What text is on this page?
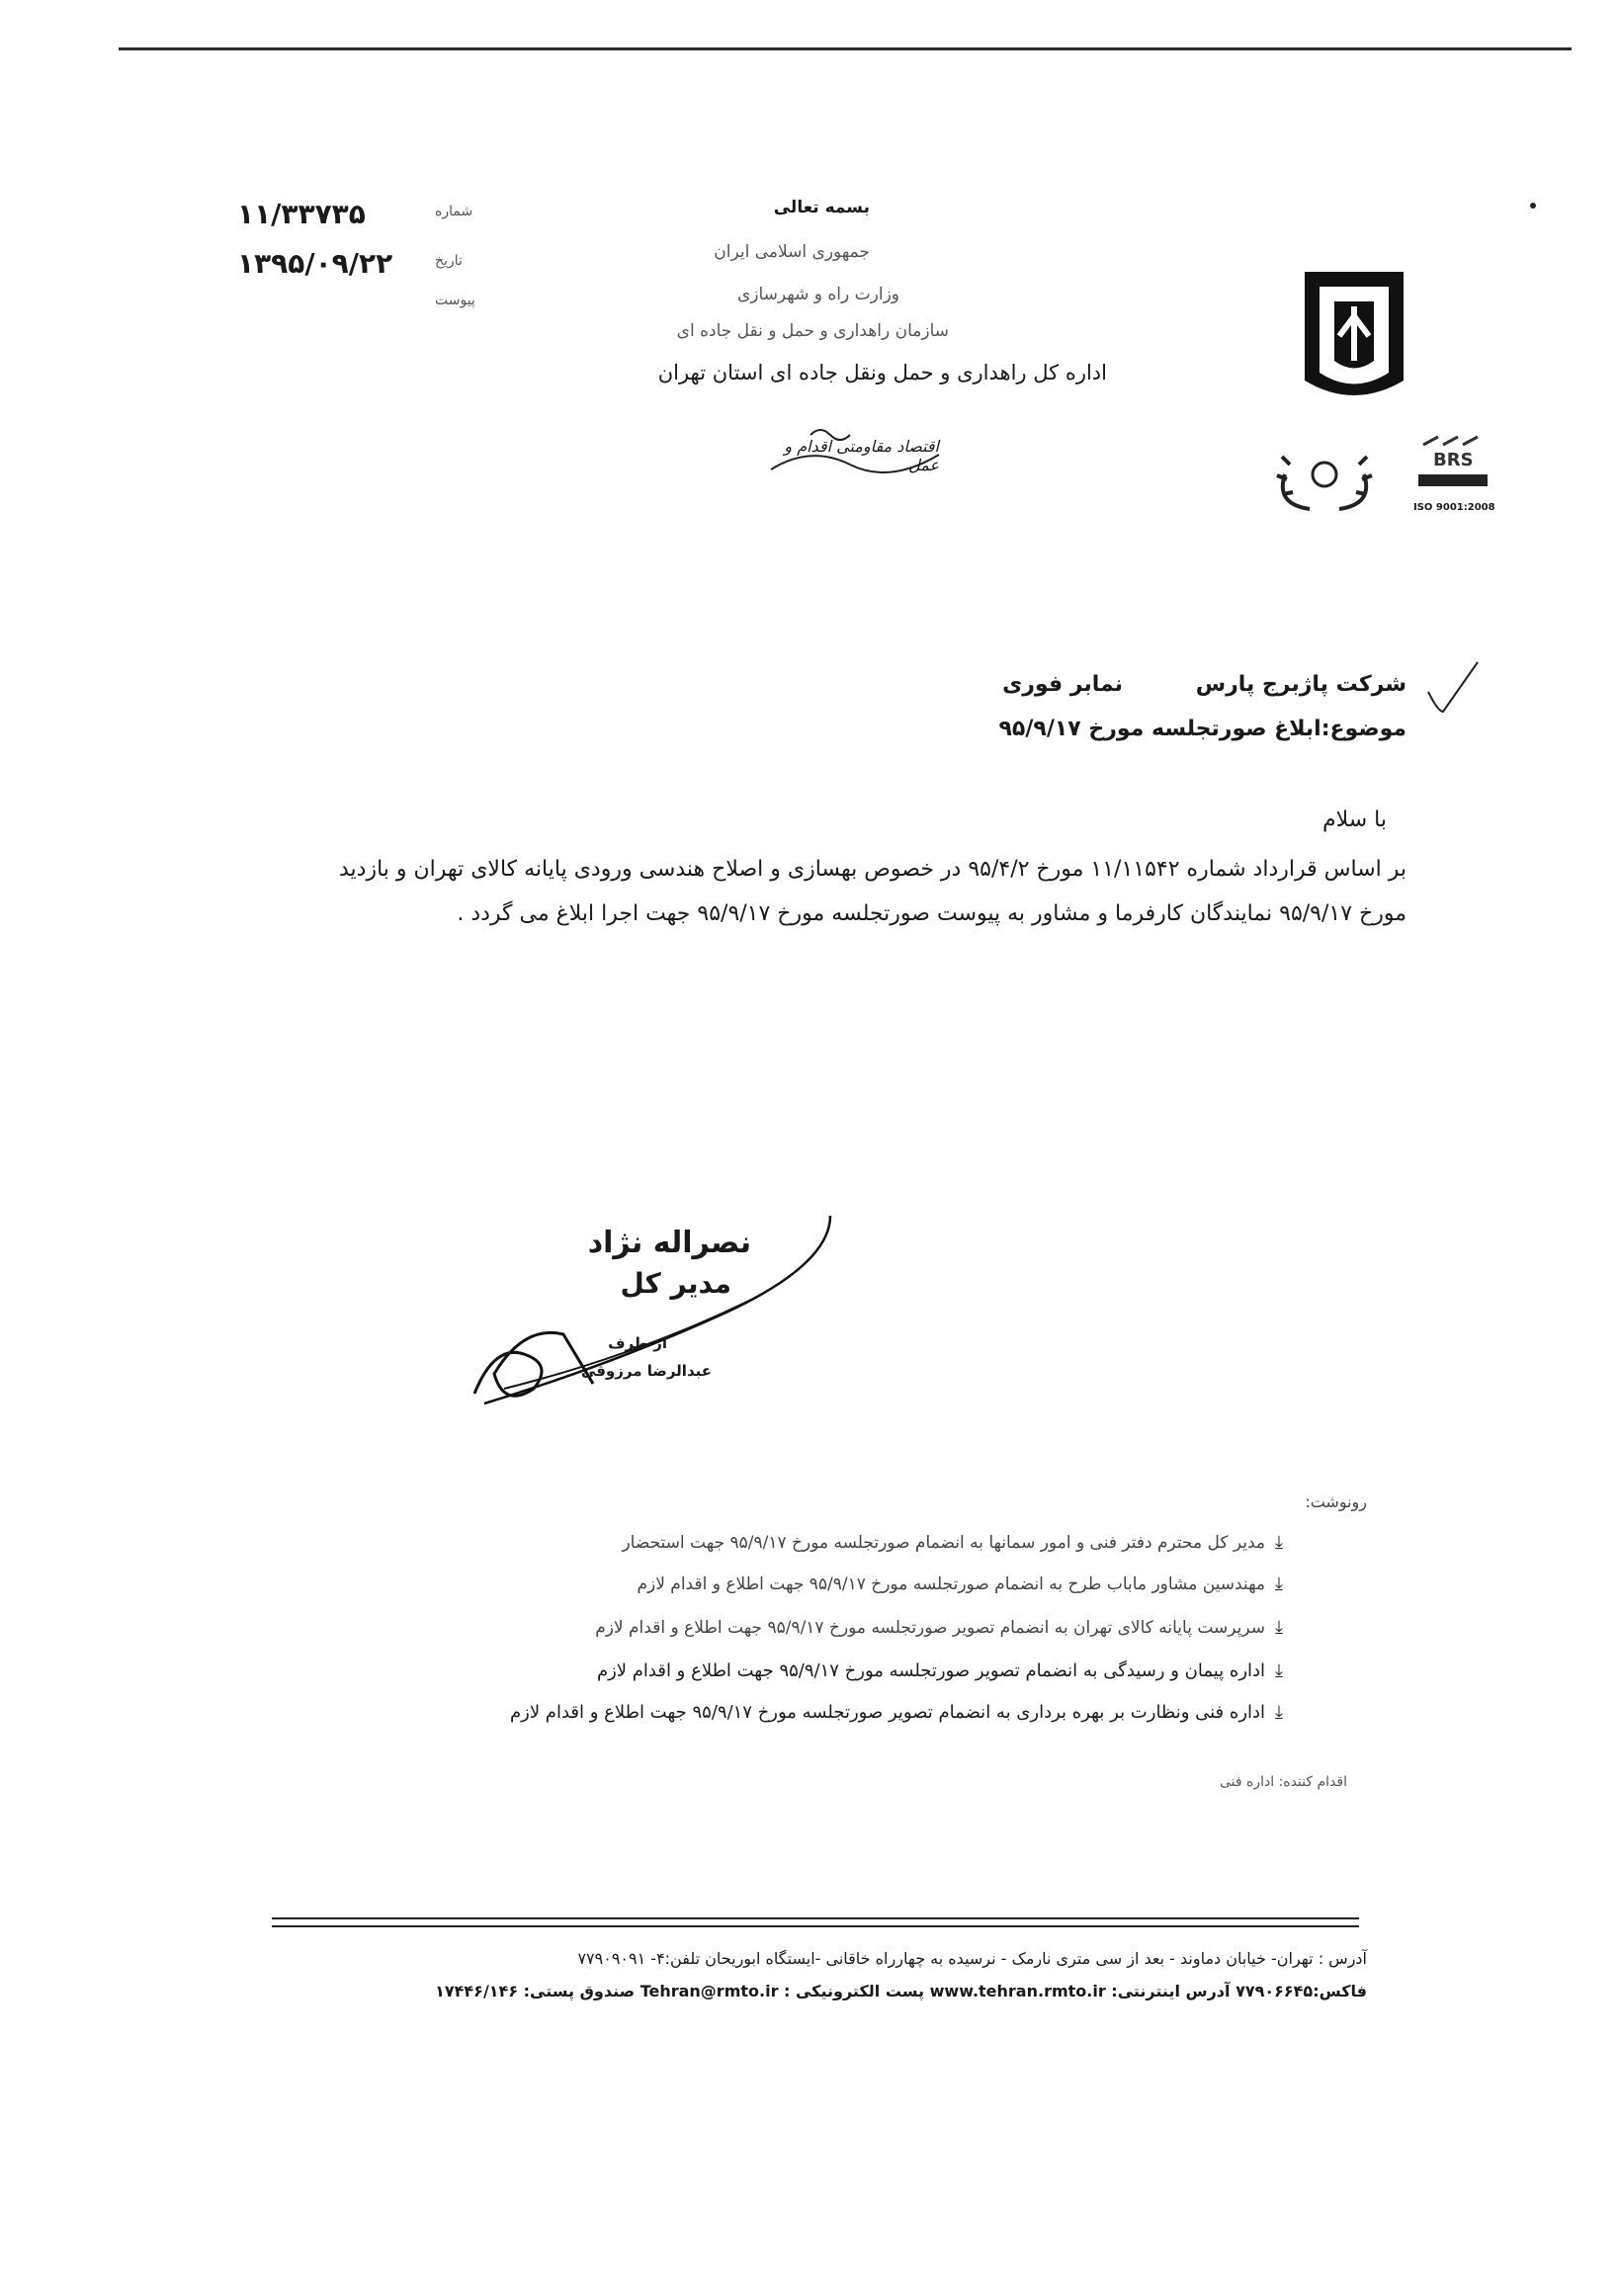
۱۱/۳۳۷۳۵	شماره
۱۳۹۵/۰۹/۲۲	تاریخ
پیوست
بسمه تعالی
جمهوری اسلامی ایران
وزارت راه و شهرسازی
سازمان راهداری و حمل و نقل جاده ای
اداره کل راهداری و حمل ونقل جاده ای استان تهران
اقتصاد مقاومتی اقدام و عمل	BRS
ISO 9001:2008
شرکت پاژبرج پارس
نمابر فوری
موضوع:ابلاغ صورتجلسه مورخ ۹۵/۹/۱۷
با سلام
بر اساس قرارداد شماره ۱۱/۱۱۵۴۲ مورخ ۹۵/۴/۲ در خصوص بهسازی و اصلاح هندسی ورودی پایانه کالای تهران و بازدید
مورخ ۹۵/۹/۱۷ نمایندگان کارفرما و مشاور به پیوست صورتجلسه مورخ ۹۵/۹/۱۷ جهت اجرا ابلاغ می گردد .
نصراله نژاد
مدیر کل
از طرف
عبدالرضا مرزوقی
رونوشت:
⤓مدیر کل محترم دفتر فنی و امور سمانها به انضمام صورتجلسه مورخ ۹۵/۹/۱۷ جهت استحضار
⤓مهندسین مشاور ماباب طرح به انضمام صورتجلسه مورخ ۹۵/۹/۱۷ جهت اطلاع و اقدام لازم
⤓سرپرست پایانه کالای تهران به انضمام تصویر صورتجلسه مورخ ۹۵/۹/۱۷ جهت اطلاع و اقدام لازم
⤓اداره پیمان و رسیدگی به انضمام تصویر صورتجلسه مورخ ۹۵/۹/۱۷ جهت اطلاع و اقدام لازم
⤓اداره فنی ونظارت بر بهره برداری به انضمام تصویر صورتجلسه مورخ ۹۵/۹/۱۷ جهت اطلاع و اقدام لازم
اقدام کننده: اداره فنی
آدرس : تهران- خیابان دماوند - بعد از سی متری نارمک - نرسیده به چهارراه خاقانی -ایستگاه ابوریحان تلفن:۴- ۷۷۹۰۹۰۹۱
فاکس:۷۷۹۰۶۶۴۵ آدرس اینترنتی: www.tehran.rmto.ir پست الکترونیکی : Tehran@rmto.ir صندوق پستی: ۱۷۴۴۶/۱۴۶
